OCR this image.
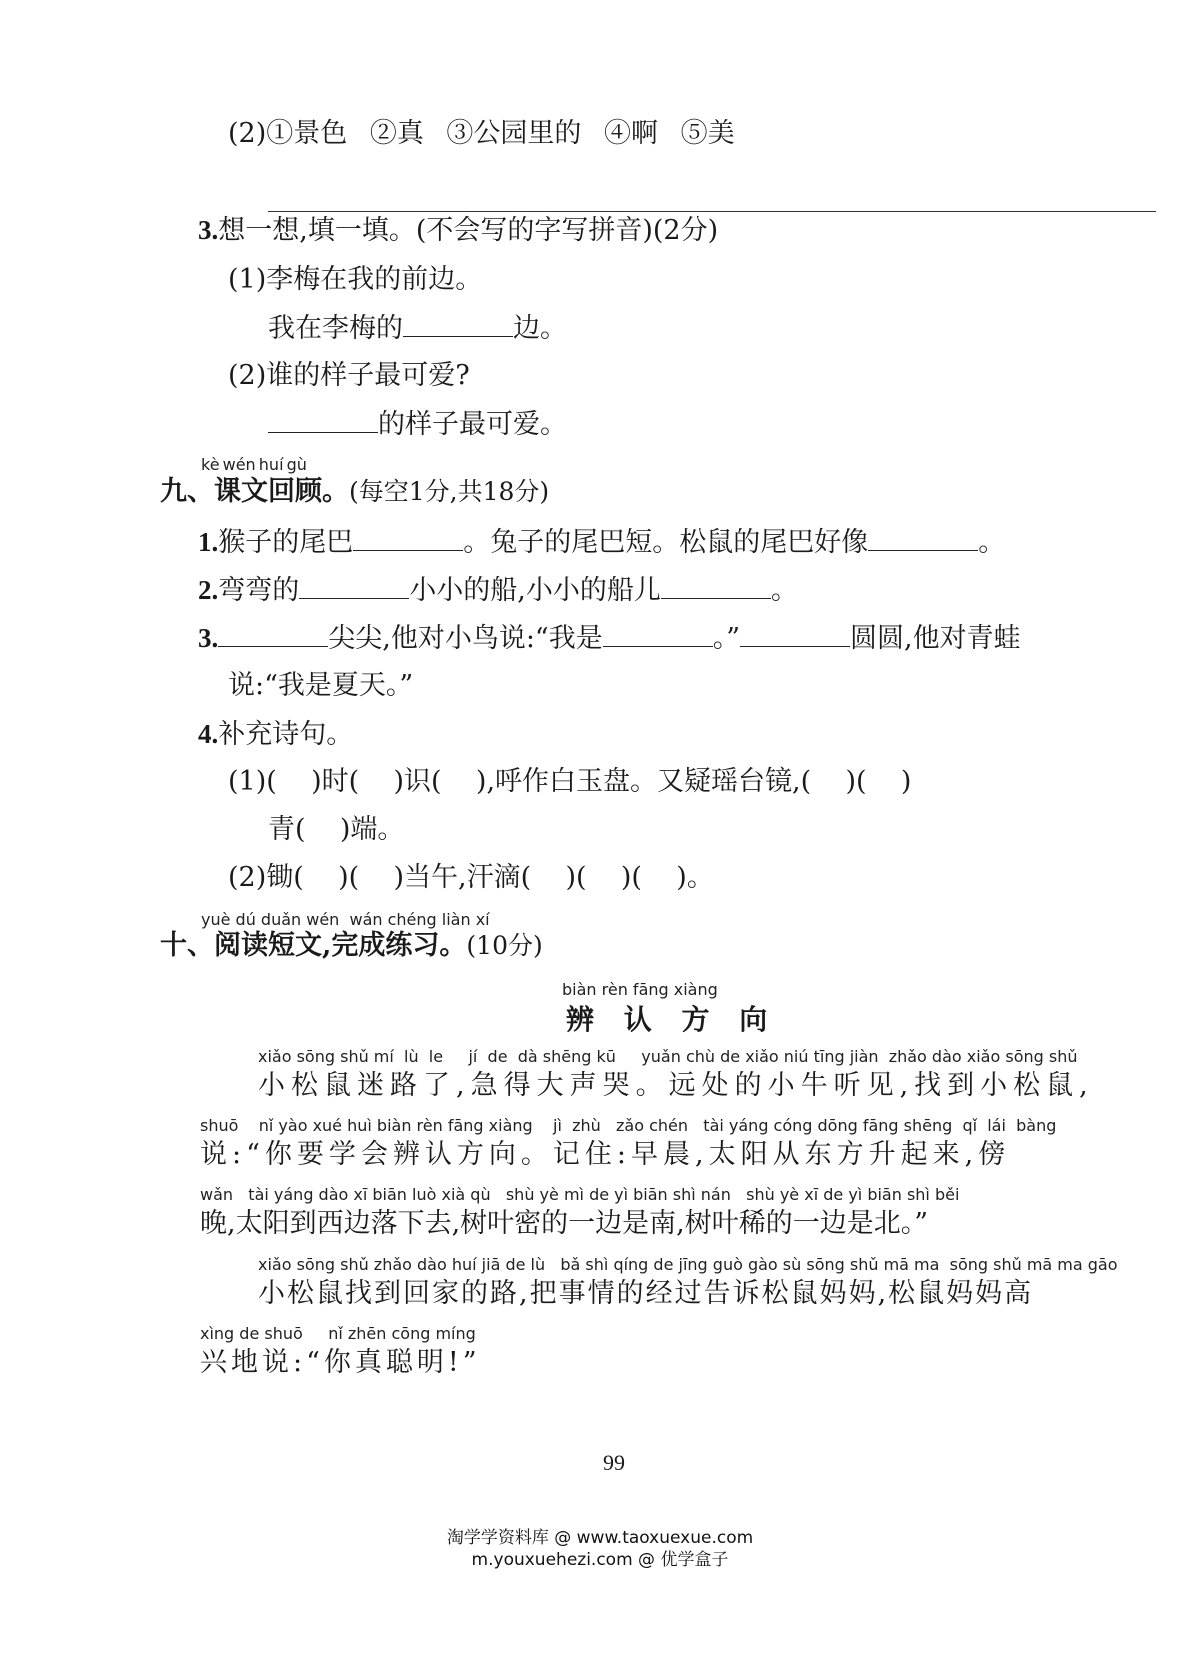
(2)①景色 ②真 ③公园里的 ④啊 ⑤美
3.想一想,填一填。(不会写的字写拼音)(2分)
(1)李梅在我的前边。
我在李梅的	边。
(2)谁的样子最可爱?
的样子最可爱。
kè wén huí gù
九、课文回顾。(每空1分,共18分)
1.猴子的尾巴	。兔子的尾巴短。松鼠的尾巴好像	。
2.弯弯的	小小的船,小小的船儿	。
3.	尖尖,他对小鸟说:“我是	。”	圆圆,他对青蛙
说:“我是夏天。”
4.补充诗句。
(1)(    )时(    )识(    ),呼作白玉盘。又疑瑶台镜,(    )(    )
青(    )端。
(2)锄(    )(    )当午,汗滴(    )(    )(    )。
yuè dú duǎn wén  wán chéng liàn xí
十、阅读短文,完成练习。(10分)
biàn rèn fāng xiàng
辨 认 方 向
xiǎo sōng shǔ mí  lù  le     jí  de  dà shēng kū     yuǎn chù de xiǎo niú tīng jiàn  zhǎo dào xiǎo sōng shǔ
小松鼠迷路了,急得大声哭。远处的小牛听见,找到小松鼠,
shuō    nǐ yào xué huì biàn rèn fāng xiàng    jì  zhù   zǎo chén   tài yáng cóng dōng fāng shēng  qǐ  lái  bàng
说:“你要学会辨认方向。记住:早晨,太阳从东方升起来,傍
wǎn   tài yáng dào xī biān luò xià qù   shù yè mì de yì biān shì nán   shù yè xī de yì biān shì běi
晚,太阳到西边落下去,树叶密的一边是南,树叶稀的一边是北。”
xiǎo sōng shǔ zhǎo dào huí jiā de lù   bǎ shì qíng de jīng guò gào sù sōng shǔ mā ma  sōng shǔ mā ma gāo
小松鼠找到回家的路,把事情的经过告诉松鼠妈妈,松鼠妈妈高
xìng de shuō     nǐ zhēn cōng míng
兴地说:“你真聪明!”
99
淘学学资料库 @ www.taoxuexue.com
m.youxuehezi.com @ 优学盒子
